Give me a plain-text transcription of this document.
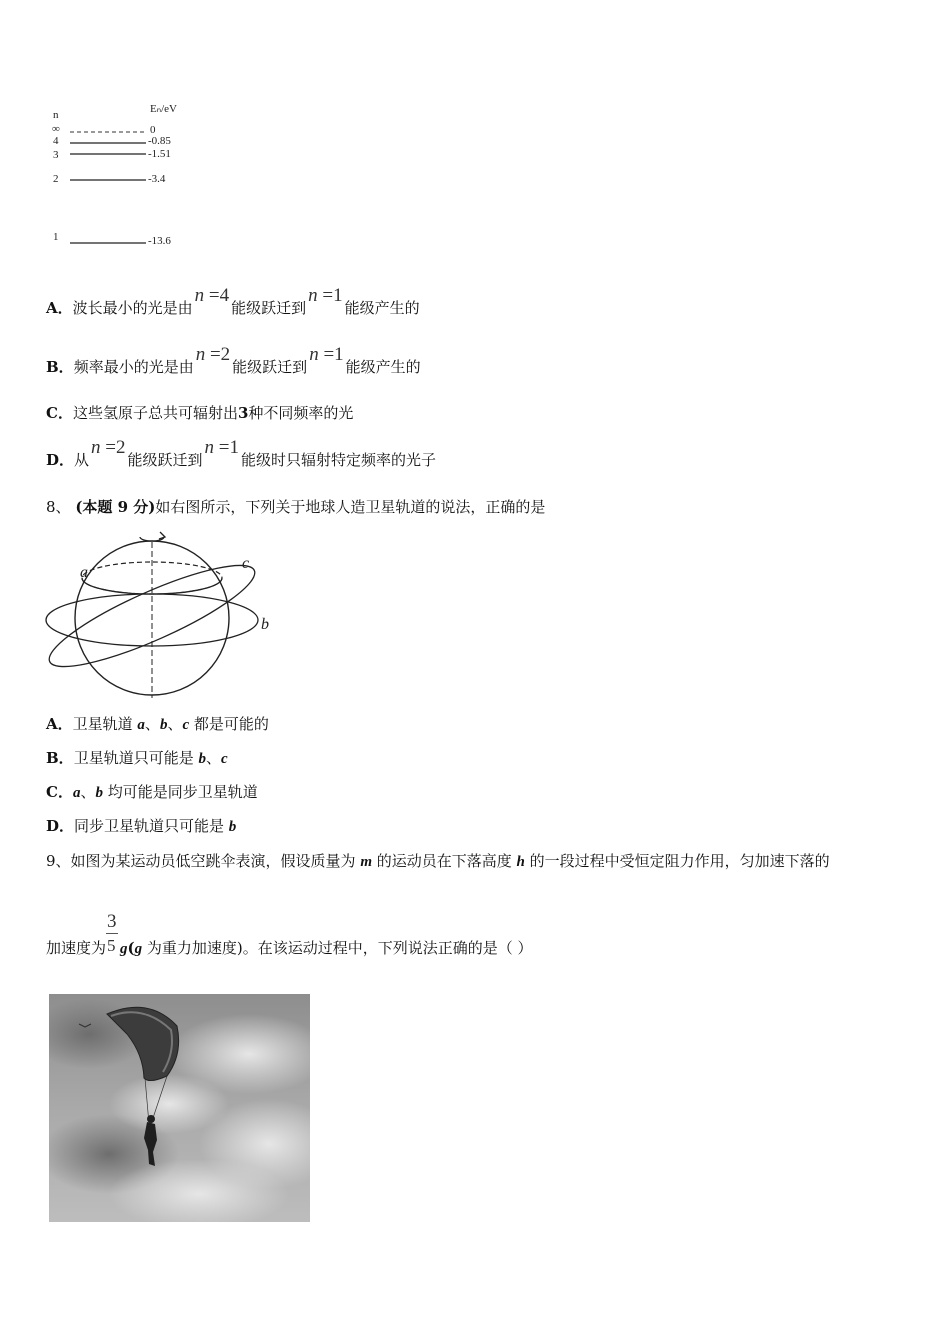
n	Eₙ/eV
∞	0
4	-0.85
3	-1.51
2	-3.4
1	-13.6
A．波长最小的光是由n =4能级跃迁到n =1能级产生的
B．频率最小的光是由n =2能级跃迁到n =1能级产生的
C．这些氢原子总共可辐射出3种不同频率的光
D．从n =2能级跃迁到n =1能级时只辐射特定频率的光子
8、 (本题 9 分)如右图所示，下列关于地球人造卫星轨道的说法，正确的是
a
c
b
A．卫星轨道 a、b、c 都是可能的
B．卫星轨道只可能是 b、c
C．a、b 均可能是同步卫星轨道
D．同步卫星轨道只可能是 b
9、如图为某运动员低空跳伞表演，假设质量为 m 的运动员在下落高度 h 的一段过程中受恒定阻力作用，匀加速下落的
加速度为 $\frac{3}{5} g(g$ 为重力加速度)。在该运动过程中，下列说法正确的是（ ）
